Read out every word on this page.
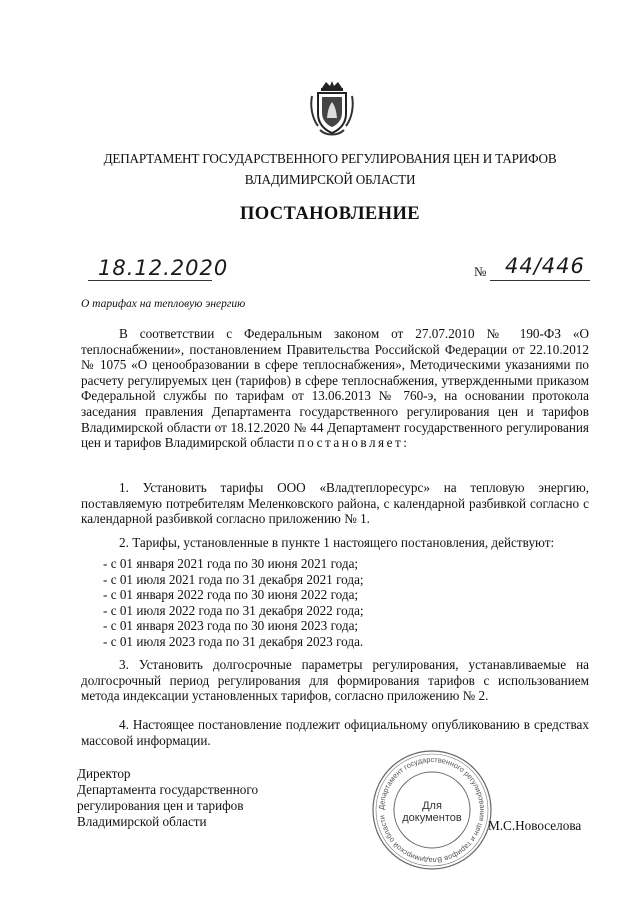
ДЕПАРТАМЕНТ ГОСУДАРСТВЕННОГО РЕГУЛИРОВАНИЯ ЦЕН И ТАРИФОВ
ВЛАДИМИРСКОЙ ОБЛАСТИ
ПОСТАНОВЛЕНИЕ
18.12.2020	№ 44/446
О тарифах на тепловую энергию

В соответствии с Федеральным законом от 27.07.2010 № 190-ФЗ «О теплоснабжении», постановлением Правительства Российской Федерации от 22.10.2012 № 1075 «О ценообразовании в сфере теплоснабжения», Методическими указаниями по расчету регулируемых цен (тарифов) в сфере теплоснабжения, утвержденными приказом Федеральной службы по тарифам от 13.06.2013 № 760-э, на основании протокола заседания правления Департамента государственного регулирования цен и тарифов Владимирской области от 18.12.2020 № 44 Департамент государственного регулирования цен и тарифов Владимирской области постановляет:

1. Установить тарифы ООО «Владтеплоресурс» на тепловую энергию, поставляемую потребителям Меленковского района, с календарной разбивкой согласно с календарной разбивкой согласно приложению № 1.

2. Тарифы, установленные в пункте 1 настоящего постановления, действуют:

- с 01 января 2021 года по 30 июня 2021 года;
- с 01 июля 2021 года по 31 декабря 2021 года;
- с 01 января 2022 года по 30 июня 2022 года;
- с 01 июля 2022 года по 31 декабря 2022 года;
- с 01 января 2023 года по 30 июня 2023 года;
- с 01 июля 2023 года по 31 декабря 2023 года.

3. Установить долгосрочные параметры регулирования, устанавливаемые на долгосрочный период регулирования для формирования тарифов с использованием метода индексации установленных тарифов, согласно приложению № 2.

4. Настоящее постановление подлежит официальному опубликованию в средствах массовой информации.

Директор
Департамента государственного
регулирования цен и тарифов
Владимирской области
Департамент государственного регулирования цен и тарифов Владимирской области
Для
документов	М.С.Новоселова
